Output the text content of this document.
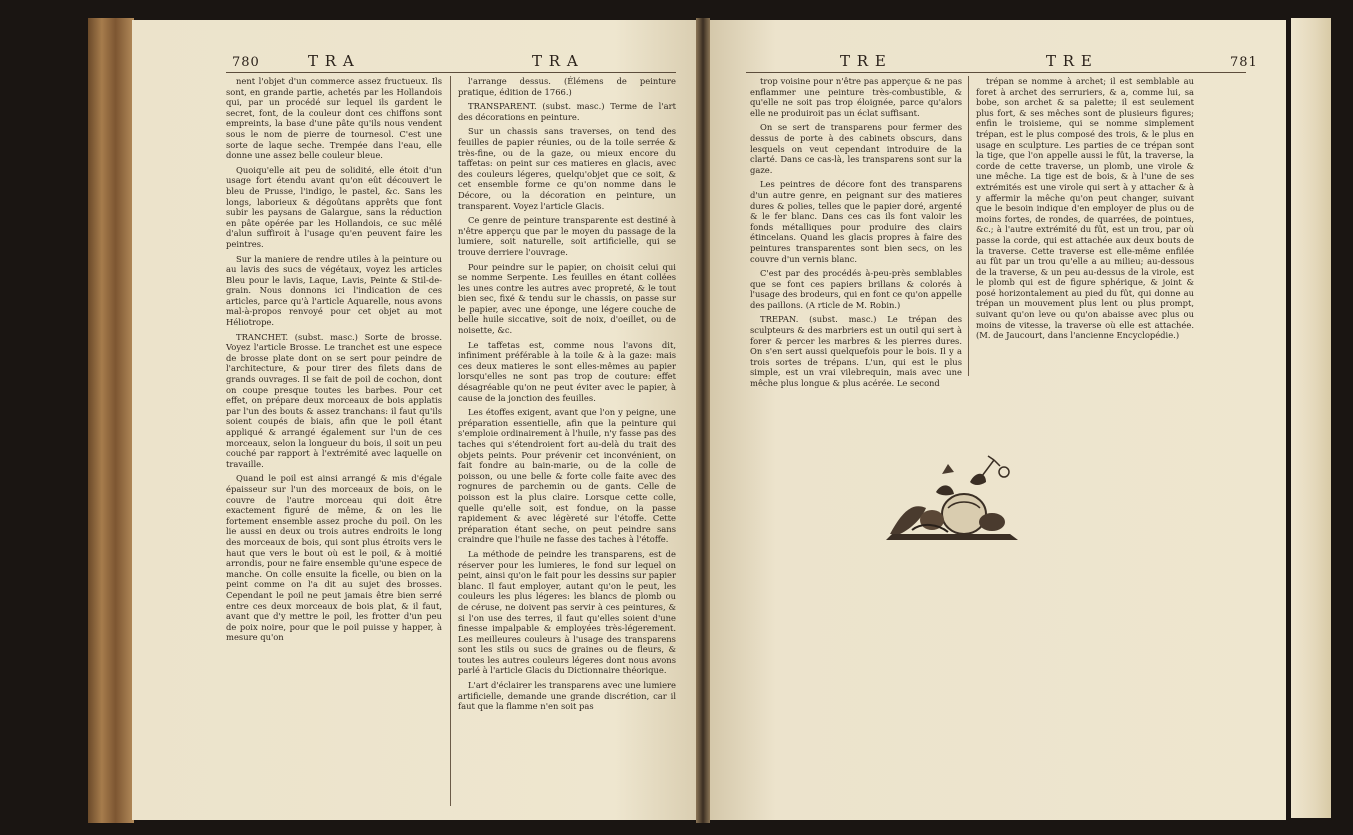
780	T R A	T R A	T R E	T R E	781

nent l'objet d'un commerce assez fructueux. Ils sont, en grande partie, achetés par les Hollandois qui, par un procédé sur lequel ils gardent le secret, font, de la couleur dont ces chiffons sont empreints, la base d'une pâte qu'ils nous vendent sous le nom de pierre de tournesol. C'est une sorte de laque seche. Trempée dans l'eau, elle donne une assez belle couleur bleue.

Quoiqu'elle ait peu de solidité, elle étoit d'un usage fort étendu avant qu'on eût découvert le bleu de Prusse, l'indigo, le pastel, &c. Sans les longs, laborieux & dégoûtans apprêts que font subir les paysans de Galargue, sans la réduction en pâte opérée par les Hollandois, ce suc mêlé d'alun suffiroit à l'usage qu'en peuvent faire les peintres.

Sur la maniere de rendre utiles à la peinture ou au lavis des sucs de végétaux, voyez les articles Bleu pour le lavis, Laque, Lavis, Peinte & Stil-de-grain. Nous donnons ici l'indication de ces articles, parce qu'à l'article Aquarelle, nous avons mal-à-propos renvoyé pour cet objet au mot Héliotrope.

TRANCHET. (subst. masc.) Sorte de brosse. Voyez l'article Brosse. Le tranchet est une espece de brosse plate dont on se sert pour peindre de l'architecture, & pour tirer des filets dans de grands ouvrages. Il se fait de poil de cochon, dont on coupe presque toutes les barbes. Pour cet effet, on prépare deux morceaux de bois applatis par l'un des bouts & assez tranchans: il faut qu'ils soient coupés de biais, afin que le poil étant appliqué & arrangé également sur l'un de ces morceaux, selon la longueur du bois, il soit un peu couché par rapport à l'extrémité avec laquelle on travaille.

Quand le poil est ainsi arrangé & mis d'égale épaisseur sur l'un des morceaux de bois, on le couvre de l'autre morceau qui doit être exactement figuré de même, & on les lie fortement ensemble assez proche du poil. On les lie aussi en deux ou trois autres endroits le long des morceaux de bois, qui sont plus étroits vers le haut que vers le bout où est le poil, & à moitié arrondis, pour ne faire ensemble qu'une espece de manche. On colle ensuite la ficelle, ou bien on la peint comme on l'a dit au sujet des brosses. Cependant le poil ne peut jamais être bien serré entre ces deux morceaux de bois plat, & il faut, avant que d'y mettre le poil, les frotter d'un peu de poix noire, pour que le poil puisse y happer, à mesure qu'on

l'arrange dessus. (Élémens de peinture pratique, édition de 1766.)

TRANSPARENT. (subst. masc.) Terme de l'art des décorations en peinture.

Sur un chassis sans traverses, on tend des feuilles de papier réunies, ou de la toile serrée & très-fine, ou de la gaze, ou mieux encore du taffetas: on peint sur ces matieres en glacis, avec des couleurs légeres, quelqu'objet que ce soit, & cet ensemble forme ce qu'on nomme dans le Décore, ou la décoration en peinture, un transparent. Voyez l'article Glacis.

Ce genre de peinture transparente est destiné à n'être apperçu que par le moyen du passage de la lumiere, soit naturelle, soit artificielle, qui se trouve derriere l'ouvrage.

Pour peindre sur le papier, on choisit celui qui se nomme Serpente. Les feuilles en étant collées les unes contre les autres avec propreté, & le tout bien sec, fixé & tendu sur le chassis, on passe sur le papier, avec une éponge, une légere couche de belle huile siccative, soit de noix, d'oeillet, ou de noisette, &c.

Le taffetas est, comme nous l'avons dit, infiniment préférable à la toile & à la gaze: mais ces deux matieres le sont elles-mêmes au papier lorsqu'elles ne sont pas trop de couture: effet désagréable qu'on ne peut éviter avec le papier, à cause de la jonction des feuilles.

Les étoffes exigent, avant que l'on y peigne, une préparation essentielle, afin que la peinture qui s'emploie ordinairement à l'huile, n'y fasse pas des taches qui s'étendroient fort au-delà du trait des objets peints. Pour prévenir cet inconvénient, on fait fondre au bain-marie, ou de la colle de poisson, ou une belle & forte colle faite avec des rognures de parchemin ou de gants. Celle de poisson est la plus claire. Lorsque cette colle, quelle qu'elle soit, est fondue, on la passe rapidement & avec légèreté sur l'étoffe. Cette préparation étant seche, on peut peindre sans craindre que l'huile ne fasse des taches à l'étoffe.

La méthode de peindre les transparens, est de réserver pour les lumieres, le fond sur lequel on peint, ainsi qu'on le fait pour les dessins sur papier blanc. Il faut employer, autant qu'on le peut, les couleurs les plus légeres: les blancs de plomb ou de céruse, ne doivent pas servir à ces peintures, & si l'on use des terres, il faut qu'elles soient d'une finesse impalpable & employées très-légerement. Les meilleures couleurs à l'usage des transparens sont les stils ou sucs de graines ou de fleurs, & toutes les autres couleurs légeres dont nous avons parlé à l'article Glacis du Dictionnaire théorique.

L'art d'éclairer les transparens avec une lumiere artificielle, demande une grande discrétion, car il faut que la flamme n'en soit pas

trop voisine pour n'être pas apperçue & ne pas enflammer une peinture très-combustible, & qu'elle ne soit pas trop éloignée, parce qu'alors elle ne produiroit pas un éclat suffisant.

On se sert de transparens pour fermer des dessus de porte à des cabinets obscurs, dans lesquels on veut cependant introduire de la clarté. Dans ce cas-là, les transparens sont sur la gaze.

Les peintres de décore font des transparens d'un autre genre, en peignant sur des matieres dures & polies, telles que le papier doré, argenté & le fer blanc. Dans ces cas ils font valoir les fonds métalliques pour produire des clairs étincelans. Quand les glacis propres à faire des peintures transparentes sont bien secs, on les couvre d'un vernis blanc.

C'est par des procédés à-peu-près semblables que se font ces papiers brillans & colorés à l'usage des brodeurs, qui en font ce qu'on appelle des paillons. (A rticle de M. Robin.)

TREPAN. (subst. masc.) Le trépan des sculpteurs & des marbriers est un outil qui sert à forer & percer les marbres & les pierres dures. On s'en sert aussi quelquefois pour le bois. Il y a trois sortes de trépans. L'un, qui est le plus simple, est un vrai vilebrequin, mais avec une mêche plus longue & plus acérée. Le second

trépan se nomme à archet; il est semblable au foret à archet des serruriers, & a, comme lui, sa bobe, son archet & sa palette; il est seulement plus fort, & ses mêches sont de plusieurs figures; enfin le troisieme, qui se nomme simplement trépan, est le plus composé des trois, & le plus en usage en sculpture. Les parties de ce trépan sont la tige, que l'on appelle aussi le fût, la traverse, la corde de cette traverse, un plomb, une virole & une mêche. La tige est de bois, & à l'une de ses extrémités est une virole qui sert à y attacher & à y affermir la mêche qu'on peut changer, suivant que le besoin indique d'en employer de plus ou de moins fortes, de rondes, de quarrées, de pointues, &c.; à l'autre extrémité du fût, est un trou, par où passe la corde, qui est attachée aux deux bouts de la traverse. Cette traverse est elle-même enfilée au fût par un trou qu'elle a au milieu; au-dessous de la traverse, & un peu au-dessus de la virole, est le plomb qui est de figure sphérique, & joint & posé horizontalement au pied du fût, qui donne au trépan un mouvement plus lent ou plus prompt, suivant qu'on leve ou qu'on abaisse avec plus ou moins de vitesse, la traverse où elle est attachée. (M. de Jaucourt, dans l'ancienne Encyclopédie.)
